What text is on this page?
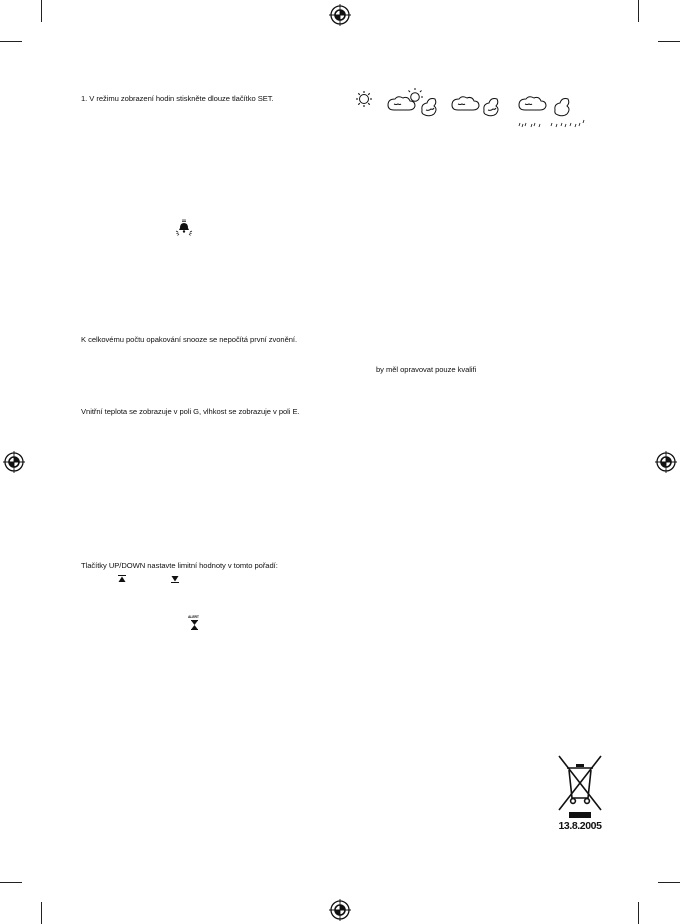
1. V režimu zobrazení hodin stiskněte dlouze tlačítko SET.
K celkovému počtu opakování snooze se nepočítá první zvonění.
by měl opravovat pouze kvalifi
Vnitřní teplota se zobrazuje v poli G, vlhkost se zobrazuje v poli E.
Tlačítky UP/DOWN nastavte limitní hodnoty v tomto pořadí:
ALERT
13.8.2005
